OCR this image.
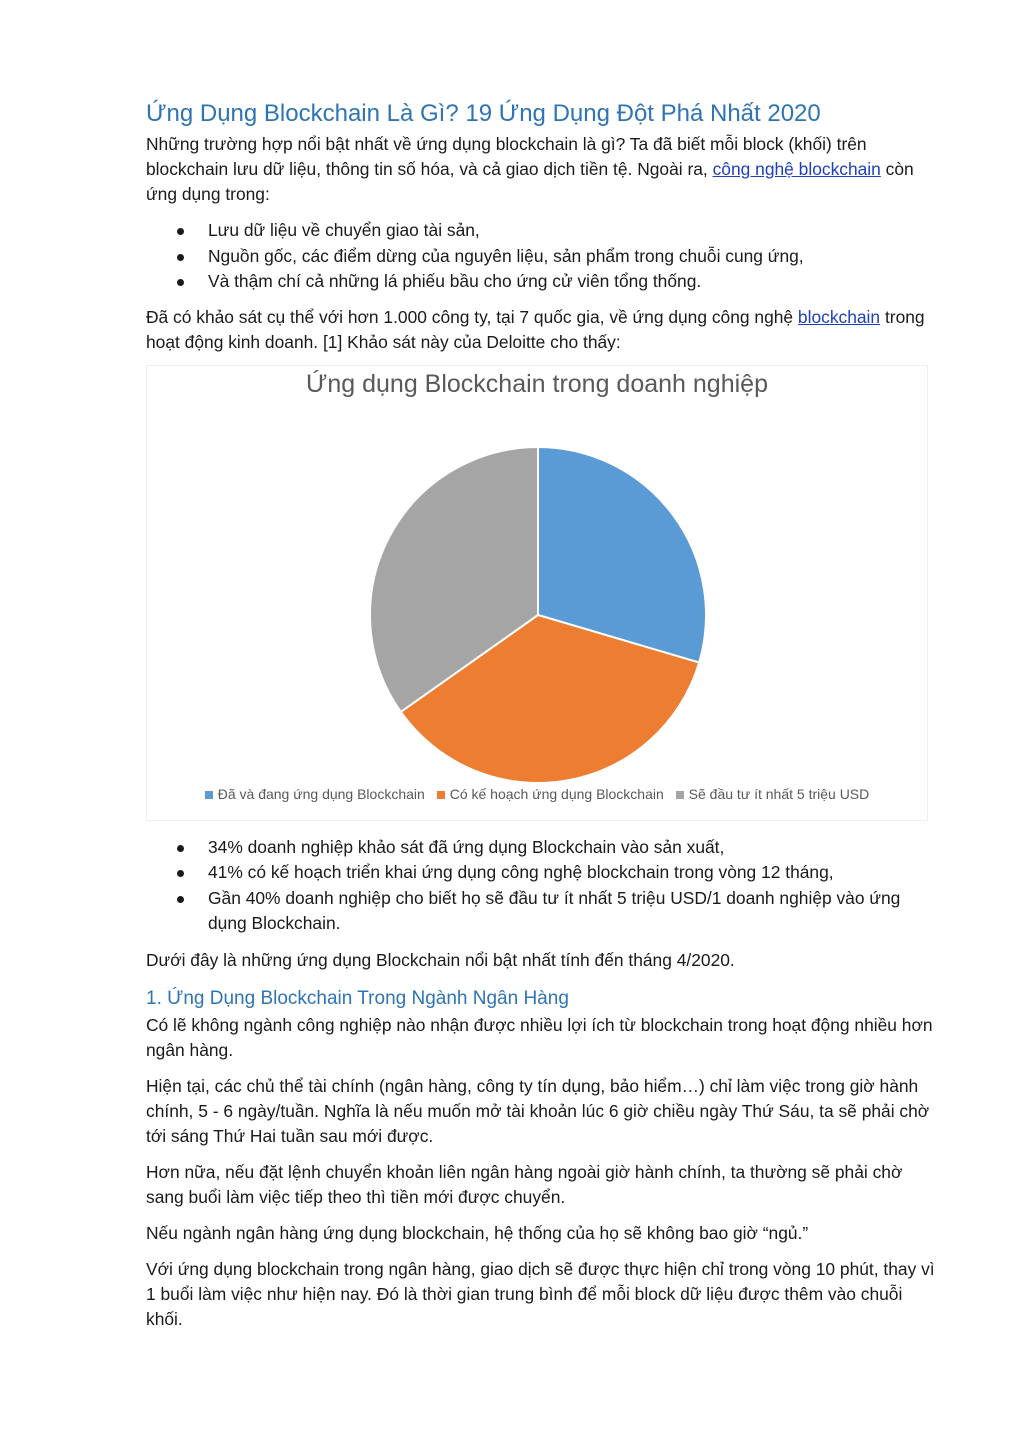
Ứng Dụng Blockchain Là Gì? 19 Ứng Dụng Đột Phá Nhất 2020

Những trường hợp nổi bật nhất về ứng dụng blockchain là gì? Ta đã biết mỗi block (khối) trên blockchain lưu dữ liệu, thông tin số hóa, và cả giao dịch tiền tệ. Ngoài ra, công nghệ blockchain còn ứng dụng trong:

Lưu dữ liệu về chuyển giao tài sản,
Nguồn gốc, các điểm dừng của nguyên liệu, sản phẩm trong chuỗi cung ứng,
Và thậm chí cả những lá phiếu bầu cho ứng cử viên tổng thống.

Đã có khảo sát cụ thể với hơn 1.000 công ty, tại 7 quốc gia, về ứng dụng công nghệ blockchain trong hoạt động kinh doanh. [1] Khảo sát này của Deloitte cho thấy:

Ứng dụng Blockchain trong doanh nghiệp
Đã và đang ứng dụng Blockchain Có kế hoạch ứng dụng Blockchain Sẽ đầu tư ít nhất 5 triệu USD
34% doanh nghiệp khảo sát đã ứng dụng Blockchain vào sản xuất,
41% có kế hoạch triển khai ứng dụng công nghệ blockchain trong vòng 12 tháng,
Gần 40% doanh nghiệp cho biết họ sẽ đầu tư ít nhất 5 triệu USD/1 doanh nghiệp vào ứng dụng Blockchain.

Dưới đây là những ứng dụng Blockchain nổi bật nhất tính đến tháng 4/2020.

1. Ứng Dụng Blockchain Trong Ngành Ngân Hàng

Có lẽ không ngành công nghiệp nào nhận được nhiều lợi ích từ blockchain trong hoạt động nhiều hơn ngân hàng.

Hiện tại, các chủ thể tài chính (ngân hàng, công ty tín dụng, bảo hiểm…) chỉ làm việc trong giờ hành chính, 5 - 6 ngày/tuần. Nghĩa là nếu muốn mở tài khoản lúc 6 giờ chiều ngày Thứ Sáu, ta sẽ phải chờ tới sáng Thứ Hai tuần sau mới được.

Hơn nữa, nếu đặt lệnh chuyển khoản liên ngân hàng ngoài giờ hành chính, ta thường sẽ phải chờ sang buổi làm việc tiếp theo thì tiền mới được chuyển.

Nếu ngành ngân hàng ứng dụng blockchain, hệ thống của họ sẽ không bao giờ “ngủ.”

Với ứng dụng blockchain trong ngân hàng, giao dịch sẽ được thực hiện chỉ trong vòng 10 phút, thay vì 1 buổi làm việc như hiện nay. Đó là thời gian trung bình để mỗi block dữ liệu được thêm vào chuỗi khối.
